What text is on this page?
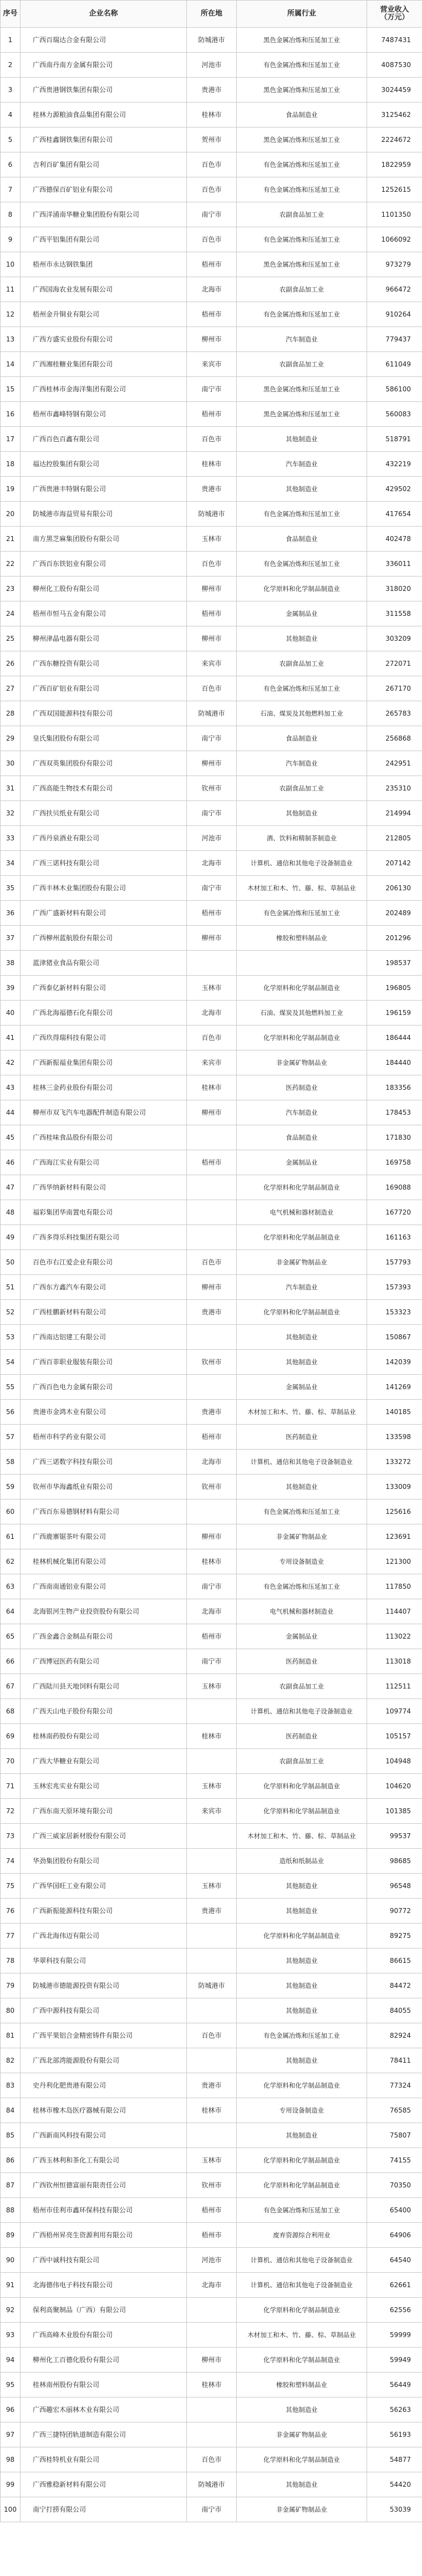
序号	企业名称	所在地	所属行业	营业收入
（万元）
1	广西百瑞达合金有限公司	防城港市	黑色金属冶炼和压延加工业	7487431
2	广西南丹南方金属有限公司	河池市	有色金属冶炼和压延加工业	4087530
3	广西贵港钢铁集团有限公司	贵港市	黑色金属冶炼和压延加工业	3024459
4	桂林力源粮油食品集团有限公司	桂林市	食品制造业	3125462
5	广西桂鑫钢铁集团有限公司	贺州市	黑色金属冶炼和压延加工业	2224672
6	吉利百矿集团有限公司	百色市	有色金属冶炼和压延加工业	1822959
7	广西德保百矿铝业有限公司	百色市	有色金属冶炼和压延加工业	1252615
8	广西洋浦南华糖业集团股份有限公司	南宁市	农副食品加工业	1101350
9	广西平铝集团有限公司	百色市	有色金属冶炼和压延加工业	1066092
10	梧州市永达钢铁集团	梧州市	黑色金属冶炼和压延加工业	973279
11	广西国海农业发展有限公司	北海市	农副食品加工业	966472
12	梧州金升铜业有限公司	梧州市	有色金属冶炼和压延加工业	910264
13	广西方盛实业股份有限公司	柳州市	汽车制造业	779437
14	广西湘桂糖业集团有限公司	来宾市	农副食品加工业	611049
15	广西桂林市金海洋集团有限公司	南宁市	黑色金属冶炼和压延加工业	586100
16	梧州市鑫峰特钢有限公司	梧州市	黑色金属冶炼和压延加工业	560083
17	广西百色百鑫有限公司	百色市	其他制造业	518791
18	福达控股集团有限公司	桂林市	汽车制造业	432219
19	广西贵港丰特钢有限公司	贵港市	其他制造业	429502
20	防城港市海益贸易有限公司	防城港市	有色金属冶炼和压延加工业	417654
21	南方黑芝麻集团股份有限公司	玉林市	食品制造业	402478
22	广西百东铁铝业有限公司	百色市	有色金属冶炼和压延加工业	336011
23	柳州化工股份有限公司	柳州市	化学原料和化学制品制造业	318020
24	梧州市恒马五金有限公司	梧州市	金属制品业	311558
25	柳州津晶电器有限公司	柳州市	其他制造业	303209
26	广西东糖投资有限公司	来宾市	农副食品加工业	272071
27	广西百矿铝业有限公司	百色市	有色金属冶炼和压延加工业	267170
28	广西双国能源科技有限公司	防城港市	石油、煤炭及其他燃料加工业	265783
29	皇氏集团股份有限公司	南宁市	食品制造业	256868
30	广西双英集团股份有限公司	柳州市	汽车制造业	242951
31	广西高能生物技术有限公司	钦州市	农副食品加工业	235310
32	广西扶贝纸业有限公司	南宁市	其他制造业	214994
33	广西丹泉酒业有限公司	河池市	酒、饮料和精制茶制造业	212805
34	广西三诺科技有限公司	北海市	计算机、通信和其他电子设备制造业	207142
35	广西丰林木业集团股份有限公司	南宁市	木材加工和木、竹、藤、棕、草制品业	206130
36	广西广盛新材料有限公司	梧州市	有色金属冶炼和压延加工业	202489
37	广西柳州蓝航股份有限公司	柳州市	橡胶和塑料制品业	201296
38	蓝津猪业食品有限公司			198537
39	广西泰亿新材料有限公司	玉林市	化学原料和化学制品制造业	196805
40	广西北海福德石化有限公司	北海市	石油、煤炭及其他燃料加工业	196159
41	广西玖得瑞科技有限公司	百色市	化学原料和化学制品制造业	186444
42	广西新振福业集团有限公司	来宾市	非金属矿物制品业	184440
43	桂林三金药业股份有限公司	桂林市	医药制造业	183356
44	柳州市双飞汽车电器配件制造有限公司	柳州市	汽车制造业	178453
45	广西桂味食品股份有限公司		食品制造业	171830
46	广西海江实业有限公司	梧州市	金属制品业	169758
47	广西华纳新材料有限公司		化学原料和化学制品制造业	169088
48	福彩集团华南置电有限公司		电气机械和器材制造业	167720
49	广西多得乐科技集团有限公司		化学原料和化学制品制造业	161163
50	百色市右江爱企业有限公司	百色市	非金属矿物制品业	157793
51	广西东方鑫汽车有限公司	柳州市	汽车制造业	157393
52	广西桂鹏新材料有限公司	贵港市	化学原料和化学制品制造业	153323
53	广西南达铝建工有限公司		其他制造业	150867
54	广西百菲职业服装有限公司	钦州市	其他制造业	142039
55	广西百色电力金属有限公司		金属制品业	141269
56	贵港市金鸿木业有限公司	贵港市	木材加工和木、竹、藤、棕、草制品业	140185
57	梧州市科学药业有限公司	梧州市	医药制造业	133598
58	广西三诺数字科技有限公司	北海市	计算机、通信和其他电子设备制造业	133272
59	钦州市华海鑫纸业有限公司	钦州市	其他制造业	133009
60	广西百东易德钢材料有限公司		有色金属冶炼和压延加工业	125616
61	广西鹿寨锯茶叶有限公司	柳州市	非金属矿物制品业	123691
62	桂林机械化集团有限公司	桂林市	专用设备制造业	121300
63	广西南南通铝业有限公司	南宁市	有色金属冶炼和压延加工业	117850
64	北海银河生物产业投资股份有限公司	北海市	电气机械和器材制造业	114407
65	广西金鑫合金制品有限公司	梧州市	金属制品业	113022
66	广西博冠医药有限公司	南宁市	医药制造业	113018
67	广西陆川县天地饲料有限公司	玉林市	农副食品加工业	112511
68	广西天山电子股份有限公司		计算机、通信和其他电子设备制造业	109774
69	桂林南药股份有限公司	桂林市	医药制造业	105157
70	广西大华糖业有限公司		农副食品加工业	104948
71	玉林宏兆实业有限公司	玉林市	化学原料和化学制品制造业	104620
72	广西东南天原环境有限公司	来宾市	化学原料和化学制品制造业	101385
73	广西三威家居新材股份有限公司		木材加工和木、竹、藤、棕、草制品业	99537
74	华劲集团股份有限公司		造纸和纸制品业	98685
75	广西华国旺工业有限公司	玉林市	其他制造业	96548
76	广西新振能源科技有限公司	贵港市	其他制造业	90772
77	广西北海伟迈有限公司		化学原料和化学制品制造业	89275
78	华翠科技有限公司		其他制造业	86615
79	防城港市德能源投资有限公司	防城港市	其他制造业	84472
80	广西中源科技有限公司		其他制造业	84055
81	广西平果铝合金精密铸件有限公司	百色市	有色金属冶炼和压延加工业	82924
82	广西北部湾能源股份有限公司		其他制造业	78411
83	史丹利化肥贵港有限公司	贵港市	化学原料和化学制品制造业	77324
84	桂林市橡木岛医疗器械有限公司	桂林市	专用设备制造业	76585
85	广西新南风科技有限公司		其他制造业	75807
86	广西玉林利和茶化工有限公司	玉林市	化学原料和化学制品制造业	74155
87	广西钦州恒德富丽有限责任公司	钦州市	化学原料和化学制品制造业	70350
88	梧州市佳利市鑫环保科技有限公司	梧州市	有色金属冶炼和压延加工业	65400
89	广西梧州昇亮生资源利用有限公司	梧州市	废弃资源综合利用业	64906
90	广西中诚科技有限公司	河池市	计算机、通信和其他电子设备制造业	64540
91	北海德伟电子科技有限公司	北海市	计算机、通信和其他电子设备制造业	62661
92	保利高聚制品（广西）有限公司		化学原料和化学制品制造业	62556
93	广西高峰木业股份有限公司		木材加工和木、竹、藤、棕、草制品业	59999
94	柳州化工百德化股份有限公司	柳州市	化学原料和化学制品制造业	59949
95	桂林南州股份有限公司	桂林市	橡胶和塑料制品业	56449
96	广西趣宏木丽林木业有限公司		其他制造业	56263
97	广西三捷特团轨道制造有限公司		非金属矿物制品业	56193
98	广西桂特机业有限公司	百色市	化学原料和化学制品制造业	54877
99	广西雅稳新材料有限公司	防城港市	其他制造业	54420
100	南宁打捞有限公司	南宁市	非金属矿物制品业	53039
